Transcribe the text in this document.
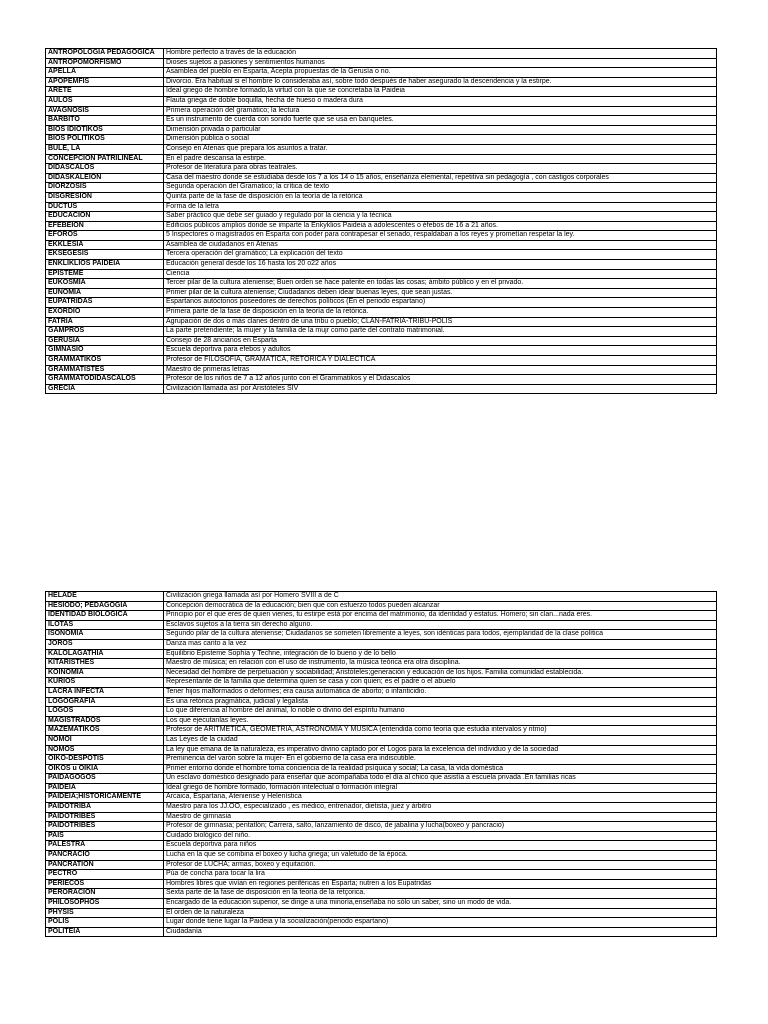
ANTROPOLOGÍA PEDAGÓGICA	Hombre perfecto a través de la educación
ANTROPOMORFISMO	Dioses sujetos a pasiones y sentimientos humanos
APELLA	Asamblea del pueblo en Esparta, Acepta propuestas de la Gerusía o no.
APOPEMFIS	Divorcio. Era habitual si el hombre lo consideraba así, sobre todo después de haber asegurado la descendencia y la estirpe.
ARETÉ	Ideal griego de hombre formado,la virtud con la que se concretaba la Paideia
AULÓS	Flauta griega de doble boquilla, hecha de hueso o madera dura
AVAGNOSIS	Primera operación del gramático; la lectura
BARBITO	Es un instrumento de cuerda con sonido fuerte que se usa en banquetes.
BIOS IDIOTIKOS	Dimensión privada o particular
BIOS POLITIKOS	Dimensión pública o social
BULÉ, LA	Consejo en Atenas que prepara los asuntos a tratar.
CONCEPCIÓN PATRILINEAL	En el padre descansa la estirpe.
DIDASCALOS	Profesor de literatura para obras teatrales.
DIDASKALEION	Casa del maestro donde se estudiaba desde los 7 a los 14 o 15 años, enseñanza elemental, repetitiva sin pedagogía , con castigos corporales
DIORZOSIS	Segunda operación del Gramatico; la crítica de texto
DISGRESIÓN	Quinta parte de la fase de disposición en la teoría de la retórica
DUCTUS	Forma de la letra
EDUCACIÓN	Saber práctico que debe ser guiado y regulado por la ciencia y la técnica
EFEBEIÓN	Edificios públicos amplios donde se imparte la Enkyklios Paideia a adolescentes o éfebos de 16 a 21 años.
ÉFOROS	5 Inspectores o magistrados en Esparta con poder para contrapesar el senado, respaldaban a los reyes y prometían respetar la ley.
EKKLESÍA	Asamblea de ciudadanos en Atenas
EKSÉGESIS	Tercera operación del gramático; La explicación del texto
ENKLIKLIOS PAIDEIA	Educación general desde los 16 hasta los 20 o22 años
EPISTEME	Ciencia
EUKOSMÍA	Tercer pilar de la cultura ateniense; Buen orden se hace patente en todas las cosas; ámbito público y en el privado.
EUNOMÍA	Primer pilar de la cultura ateniense; Ciudadanos deben idear buenas leyes, que sean justas.
EUPATRIDAS	Espartanos autóctonos poseedores de derechos políticos (En el periodo espartano)
EXORDIO	Primera parte de la fase de disposición en la teoría de la retórica.
FATRIA	Agrupación de dos o más clanes dentro de una tribu o pueblo; CLAN-FATRIA-TRIBU-POLIS
GAMPRÓS	La parte pretendiente; la mujer y la familia de la mujr como parte del contrato matrimonial.
GERUSÍA	Consejo de 28 ancianos en Esparta
GIMNASIO	Escuela deportiva para efebos y adultos
GRAMMATIKOS	Profesor de FILOSOFÍA, GRAMÁTICA, RETÓRICA Y DIALÉCTICA
GRAMMATISTÉS	Maestro de primeras letras
GRAMMATODIDASCALOS	Profesor de los niños de 7 a 12 años junto con el Grammatikos y el Didascalos
GRECIA	Civilización llamada así por Aristóteles SIV
HÉLADE	Civilización griega llamada así por Homero SVIII a de C
HESIODO; PEDAGOGÍA	Concepción democrática de la educación; bien que con esfuerzo todos pueden alcanzar
IDENTIDAD BIOLÓGICA	Principio por el que eres de quien vienes, tu estirpe está por encima del matrimonio, da identidad y estatus. Homero; sin clan...nada eres.
ILOTAS	Esclavos sujetos a la tierra sin derecho alguno.
ISONOMÍA	Segundo pilar de la cultura ateniense; Ciudadanos se someten libremente a leyes, son idénticas para todos, ejemplaridad de la clase política
JOROS	Danza mas canto a la vez
KALOLAGATHÍA	Equilibrio Episteme Sophía y Techne, integración de lo bueno y de lo bello
KITARISTHÉS	Maestro de música; en relación con el uso de instrumento, la música teórica era otra disciplina.
KOINOMÍA	Necesidad del hombre de perpetuación y sociabilidad; Aristóteles;generación y educación de los hijos. Familia comunidad establecida.
KURIOS	Representante de la familia que determina quien se casa y con quien; es el padre o el abuelo
LACRA INFECTA	Tener hijos malformados o deformes; era causa automática de aborto; o infanticidio.
LOGOGRAFÍA	Es una retórica pragmática, judicial y legalista
LOGOS	Lo que diferencia al hombre del animal, lo noble o divino del espíritu humano
MAGISTRADOS	Los que ejecutanlas leyes.
MAZEMATIKOS	Profesor de ARITMÉTICA, GEOMETRÍA, ASTRONOMÍA Y MÚSICA (entendida como teoría que estudia intervalos y ritmo)
NOMOI	Las Leyes de la ciudad
NOMOS	La ley que emana de la naturaleza, es imperativo divino captado por el Logos para la excelencia del individuo y de la sociedad
OIKO-DESPOTIS	Preminencia del varón sobre la mujer- En el gobierno de la casa era indiscutible.
OÍKOS u OIKÍA	Primer entorno donde el hombre toma conciencia de la realidad psíquica y social; La casa, la vida doméstica
PAIDAGOGOS	Un esclavo doméstico designado para enseñar que acompañaba todo el día al chico que asistía a escuela privada .En familias ricas
PAIDEIA	Ideal griego de hombre formado, formación intelectual o formación integral
PAIDEIA;HISTORICAMENTE	Arcaica, Espartana, Ateniense y Helenística
PAIDOTRIBA	Maestro para los JJ.OO, especializado , es médico, entrenador, dietista, juez y árbitro
PAIDOTRIBES	Maestro de gimnasia
PAIDOTRIBES	Profesor de gimnasia; pentatlón; Carrera, salto, lanzamiento de disco, de jabalina y lucha(boxeo y pancracio)
PAIS	Cuidado biológico del niño.
PALESTRA	Escuela deportiva para niños
PANCRACIO	Lucha en la que se combina el boxeo y lucha griega; un valetudo de la época.
PANCRATIÓN	Profesor de LUCHA; armas, boxeo y equitación.
PECTRO	Púa de concha para tocar la lira
PERIECOS	Hombres libres que vivían en regiones periféricas en Esparta; nutren a los Eupatridas
PERORACIÓN	Sexta parte de la fase de disposición en la teoría de la retçorica.
PHILOSOPHÓS	Encargado de la educación superior, se dirige a una minoría,enseñaba no sólo un saber, sino un modo de vida.
PHYSIS	El orden de la naturaleza
POLIS	Lugar donde tiene lugar la Paideia y la socialización(periodo espartano)
POLITEIA	Ciudadanía
